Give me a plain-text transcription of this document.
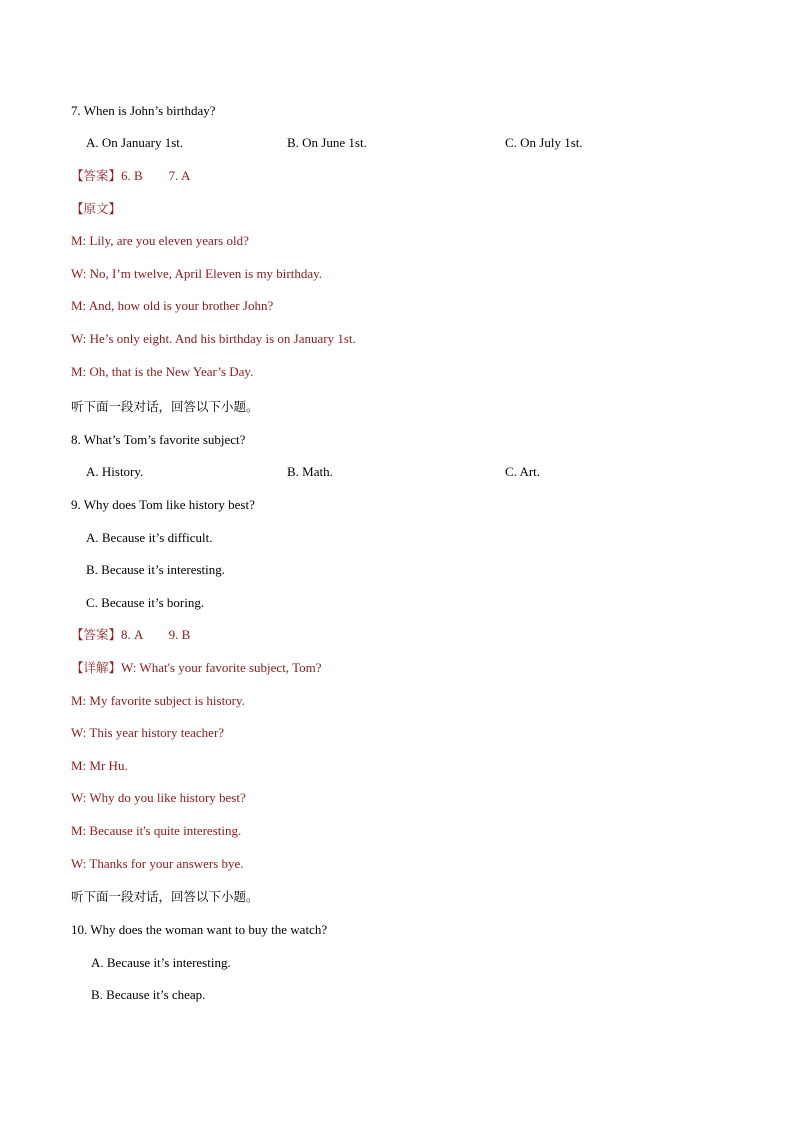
7. When is John’s birthday?
A. On January 1st.	B. On June 1st.	C. On July 1st.
【答案】6. B        7. A
【原文】
M: Lily, are you eleven years old?
W: No, I’m twelve, April Eleven is my birthday.
M: And, how old is your brother John?
W: He’s only eight. And his birthday is on January 1st.
M: Oh, that is the New Year’s Day.
听下面一段对话，回答以下小题。
8. What’s Tom’s favorite subject?
A. History.	B. Math.	C. Art.
9. Why does Tom like history best?
A. Because it’s difficult.
B. Because it’s interesting.
C. Because it’s boring.
【答案】8. A        9. B
【详解】W: What's your favorite subject, Tom?
M: My favorite subject is history.
W: This year history teacher?
M: Mr Hu.
W: Why do you like history best?
M: Because it's quite interesting.
W: Thanks for your answers bye.
听下面一段对话，回答以下小题。
10. Why does the woman want to buy the watch?
A. Because it’s interesting.
B. Because it’s cheap.
